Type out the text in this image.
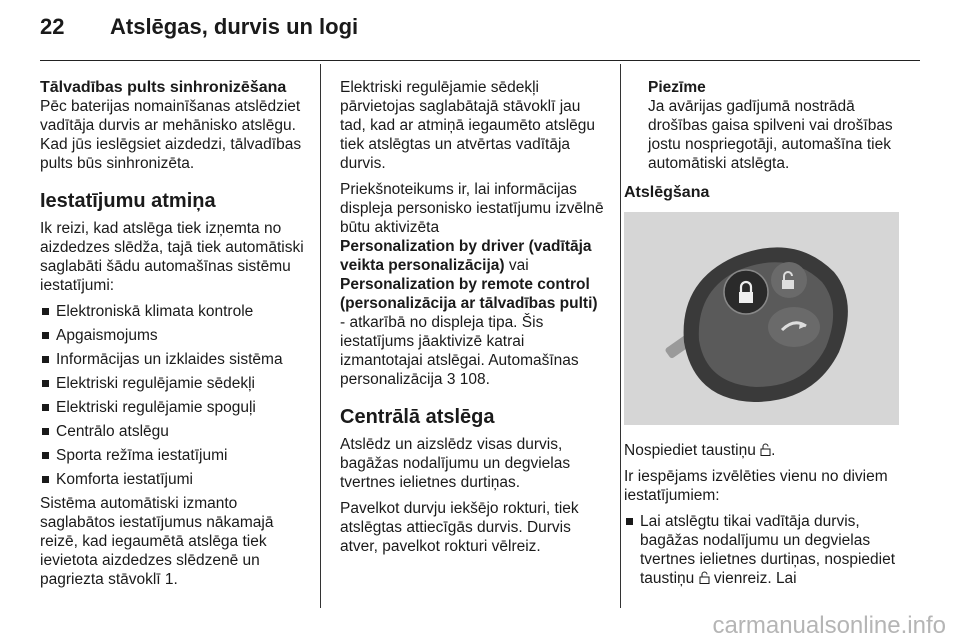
22	Atslēgas, durvis un logi
Tālvadības pults sinhronizēšana

Pēc baterijas nomainīšanas atslēdziet vadītāja durvis ar mehānisko atslēgu. Kad jūs ieslēgsiet aizdedzi, tālvadības pults būs sinhronizēta.

Iestatījumu atmiņa

Ik reizi, kad atslēga tiek izņemta no aizdedzes slēdža, tajā tiek automātiski saglabāti šādu automašīnas sistēmu iestatījumi:

Elektroniskā klimata kontrole
Apgaismojums
Informācijas un izklaides sistēma
Elektriski regulējamie sēdekļi
Elektriski regulējamie spoguļi
Centrālo atslēgu
Sporta režīma iestatījumi
Komforta iestatījumi

Sistēma automātiski izmanto saglabātos iestatījumus nākamajā reizē, kad iegaumētā atslēga tiek ievietota aizdedzes slēdzenē un pagriezta stāvoklī 1.

Elektriski regulējamie sēdekļi pārvietojas saglabātajā stāvoklī jau tad, kad ar atmiņā iegaumēto atslēgu tiek atslēgtas un atvērtas vadītāja durvis.

Priekšnoteikums ir, lai informācijas displeja personisko iestatījumu izvēlnē būtu aktivizēta
Personalization by driver (vadītāja veikta personalizācija) vai
Personalization by remote control (personalizācija ar tālvadības pulti) - atkarībā no displeja tipa. Šis iestatījums jāaktivizē katrai izmantotajai atslēgai. Automašīnas personalizācija 3 108.

Centrālā atslēga

Atslēdz un aizslēdz visas durvis, bagāžas nodalījumu un degvielas tvertnes ielietnes durtiņas.

Pavelkot durvju iekšējo rokturi, tiek atslēgtas attiecīgās durvis. Durvis atver, pavelkot rokturi vēlreiz.

Piezīme
Ja avārijas gadījumā nostrādā drošības gaisa spilveni vai drošības jostu nospriegotāji, automašīna tiek automātiski atslēgta.
Atslēgšana

Nospiediet taustiņu .

Ir iespējams izvēlēties vienu no diviem iestatījumiem:

Lai atslēgtu tikai vadītāja durvis, bagāžas nodalījumu un degvielas tvertnes ielietnes durtiņas, nospiediet taustiņu  vienreiz. Lai
carmanualsonline.info
